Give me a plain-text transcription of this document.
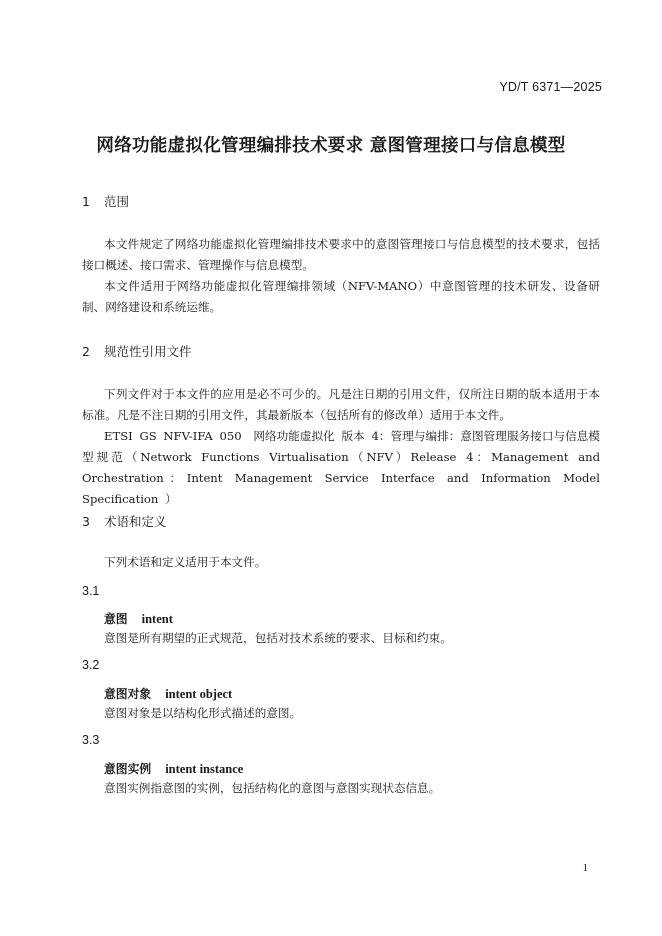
YD/T 6371—2025
网络功能虚拟化管理编排技术要求 意图管理接口与信息模型
1 范围
本文件规定了网络功能虚拟化管理编排技术要求中的意图管理接口与信息模型的技术要求，包括接口概述、接口需求、管理操作与信息模型。
本文件适用于网络功能虚拟化管理编排领域（NFV-MANO）中意图管理的技术研发、设备研制、网络建设和系统运维。
2 规范性引用文件
下列文件对于本文件的应用是必不可少的。凡是注日期的引用文件，仅所注日期的版本适用于本标准。凡是不注日期的引用文件，其最新版本（包括所有的修改单）适用于本文件。
ETSI GS NFV-IFA 050　网络功能虚拟化 版本 4：管理与编排：意图管理服务接口与信息模型规范（Network Functions Virtualisation（NFV）Release 4：Management and Orchestration：Intent Management Service Interface and Information Model Specification ）
3 术语和定义
下列术语和定义适用于本文件。
3.1
意图 intent
意图是所有期望的正式规范，包括对技术系统的要求、目标和约束。
3.2
意图对象 intent object
意图对象是以结构化形式描述的意图。
3.3
意图实例 intent instance
意图实例指意图的实例，包括结构化的意图与意图实现状态信息。
1
